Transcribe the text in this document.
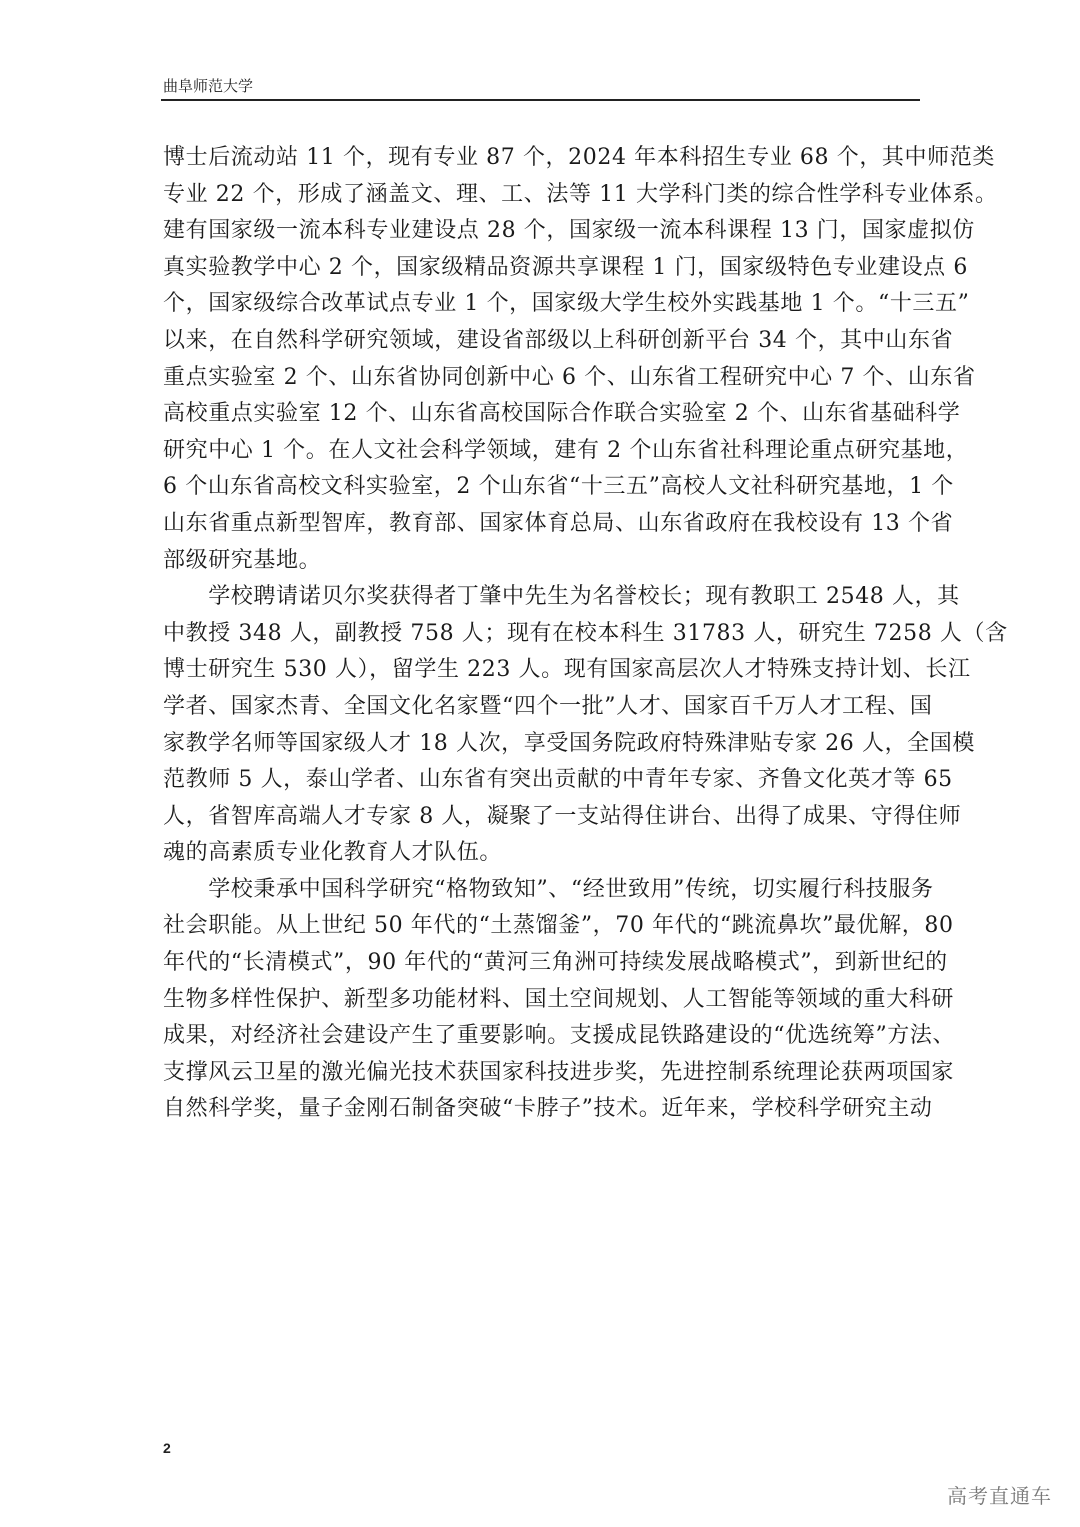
曲阜师范大学
博士后流动站 11 个，现有专业 87 个，2024 年本科招生专业 68 个，其中师范类
专业 22 个，形成了涵盖文、理、工、法等 11 大学科门类的综合性学科专业体系。
建有国家级一流本科专业建设点 28 个，国家级一流本科课程 13 门，国家虚拟仿
真实验教学中心 2 个，国家级精品资源共享课程 1 门，国家级特色专业建设点 6
个，国家级综合改革试点专业 1 个，国家级大学生校外实践基地 1 个。“十三五”
以来，在自然科学研究领域，建设省部级以上科研创新平台 34 个，其中山东省
重点实验室 2 个、山东省协同创新中心 6 个、山东省工程研究中心 7 个、山东省
高校重点实验室 12 个、山东省高校国际合作联合实验室 2 个、山东省基础科学
研究中心 1 个。在人文社会科学领域，建有 2 个山东省社科理论重点研究基地，
6 个山东省高校文科实验室，2 个山东省“十三五”高校人文社科研究基地，1 个
山东省重点新型智库，教育部、国家体育总局、山东省政府在我校设有 13 个省
部级研究基地。
　　学校聘请诺贝尔奖获得者丁肇中先生为名誉校长；现有教职工 2548 人，其
中教授 348 人，副教授 758 人；现有在校本科生 31783 人，研究生 7258 人（含
博士研究生 530 人），留学生 223 人。现有国家高层次人才特殊支持计划、长江
学者、国家杰青、全国文化名家暨“四个一批”人才、国家百千万人才工程、国
家教学名师等国家级人才 18 人次，享受国务院政府特殊津贴专家 26 人，全国模
范教师 5 人，泰山学者、山东省有突出贡献的中青年专家、齐鲁文化英才等 65
人，省智库高端人才专家 8 人，凝聚了一支站得住讲台、出得了成果、守得住师
魂的高素质专业化教育人才队伍。
　　学校秉承中国科学研究“格物致知”、“经世致用”传统，切实履行科技服务
社会职能。从上世纪 50 年代的“土蒸馏釜”，70 年代的“跳流鼻坎”最优解，80
年代的“长清模式”，90 年代的“黄河三角洲可持续发展战略模式”，到新世纪的
生物多样性保护、新型多功能材料、国土空间规划、人工智能等领域的重大科研
成果，对经济社会建设产生了重要影响。支援成昆铁路建设的“优选统筹”方法、
支撑风云卫星的激光偏光技术获国家科技进步奖，先进控制系统理论获两项国家
自然科学奖，量子金刚石制备突破“卡脖子”技术。近年来，学校科学研究主动
2
高考直通车
